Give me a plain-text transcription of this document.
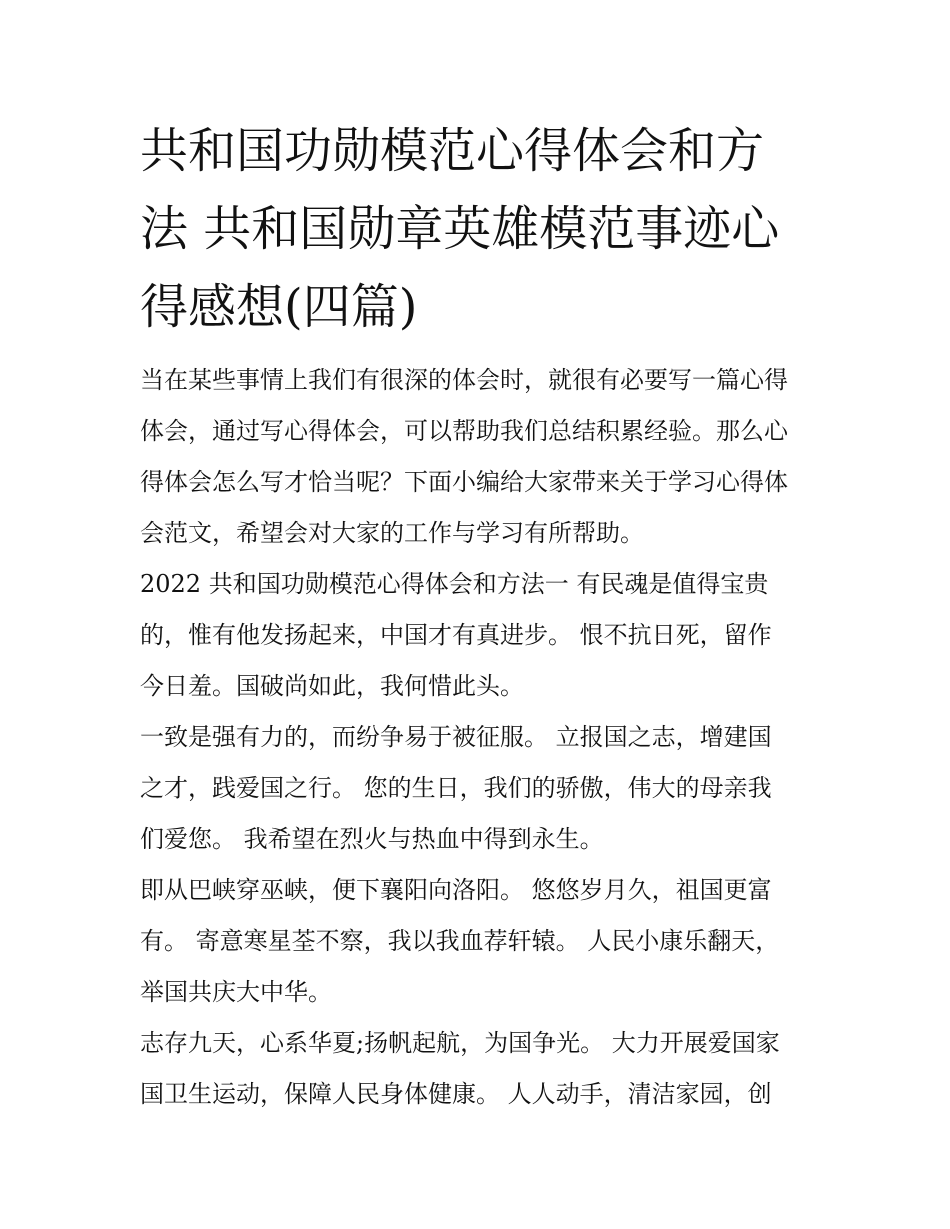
共和国功勋模范心得体会和方
法 共和国勋章英雄模范事迹心
得感想(四篇)
当在某些事情上我们有很深的体会时，就很有必要写一篇心得
体会，通过写心得体会，可以帮助我们总结积累经验。那么心
得体会怎么写才恰当呢？下面小编给大家带来关于学习心得体
会范文，希望会对大家的工作与学习有所帮助。
2022 共和国功勋模范心得体会和方法一 有民魂是值得宝贵
的，惟有他发扬起来，中国才有真进步。 恨不抗日死，留作
今日羞。国破尚如此，我何惜此头。
一致是强有力的，而纷争易于被征服。 立报国之志，增建国
之才，践爱国之行。 您的生日，我们的骄傲，伟大的母亲我
们爱您。 我希望在烈火与热血中得到永生。
即从巴峡穿巫峡，便下襄阳向洛阳。 悠悠岁月久，祖国更富
有。 寄意寒星荃不察，我以我血荐轩辕。 人民小康乐翻天，
举国共庆大中华。
志存九天，心系华夏;扬帆起航，为国争光。 大力开展爱国家
国卫生运动，保障人民身体健康。 人人动手，清洁家园，创
